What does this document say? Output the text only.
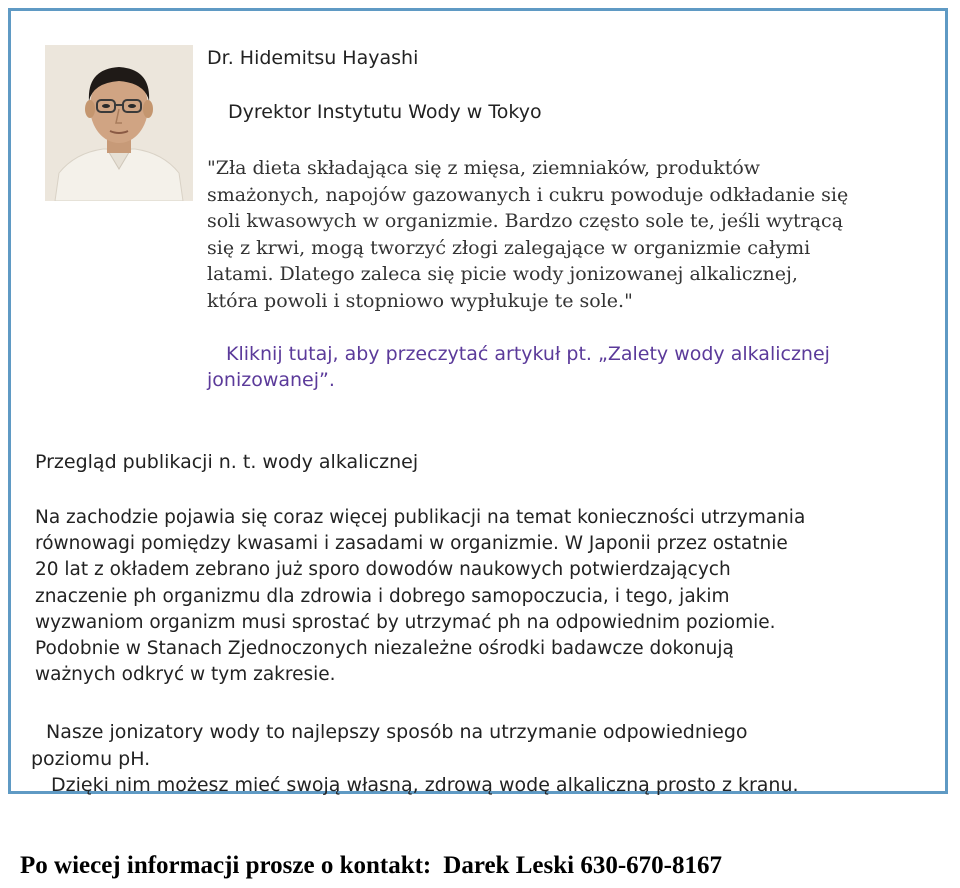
Dr. Hidemitsu Hayashi

Dyrektor Instytutu Wody w Tokyo

"Zła dieta składająca się z mięsa, ziemniaków, produktów
smażonych, napojów gazowanych i cukru powoduje odkładanie się
soli kwasowych w organizmie. Bardzo często sole te, jeśli wytrącą
się z krwi, mogą tworzyć złogi zalegające w organizmie całymi
latami. Dlatego zaleca się picie wody jonizowanej alkalicznej,
która powoli i stopniowo wypłukuje te sole."

Kliknij tutaj, aby przeczytać artykuł pt. „Zalety wody alkalicznej
jonizowanej”.

Przegląd publikacji n. t. wody alkalicznej

Na zachodzie pojawia się coraz więcej publikacji na temat konieczności utrzymania
równowagi pomiędzy kwasami i zasadami w organizmie. W Japonii przez ostatnie
20 lat z okładem zebrano już sporo dowodów naukowych potwierdzających
znaczenie ph organizmu dla zdrowia i dobrego samopoczucia, i tego, jakim
wyzwaniom organizm musi sprostać by utrzymać ph na odpowiednim poziomie.
Podobnie w Stanach Zjednoczonych niezależne ośrodki badawcze dokonują
ważnych odkryć w tym zakresie.

Nasze jonizatory wody to najlepszy sposób na utrzymanie odpowiedniego
poziomu pH.
Dzięki nim możesz mieć swoją własną, zdrową wodę alkaliczną prosto z kranu.

Po wiecej informacji prosze o kontakt: Darek Leski 630-670-8167
